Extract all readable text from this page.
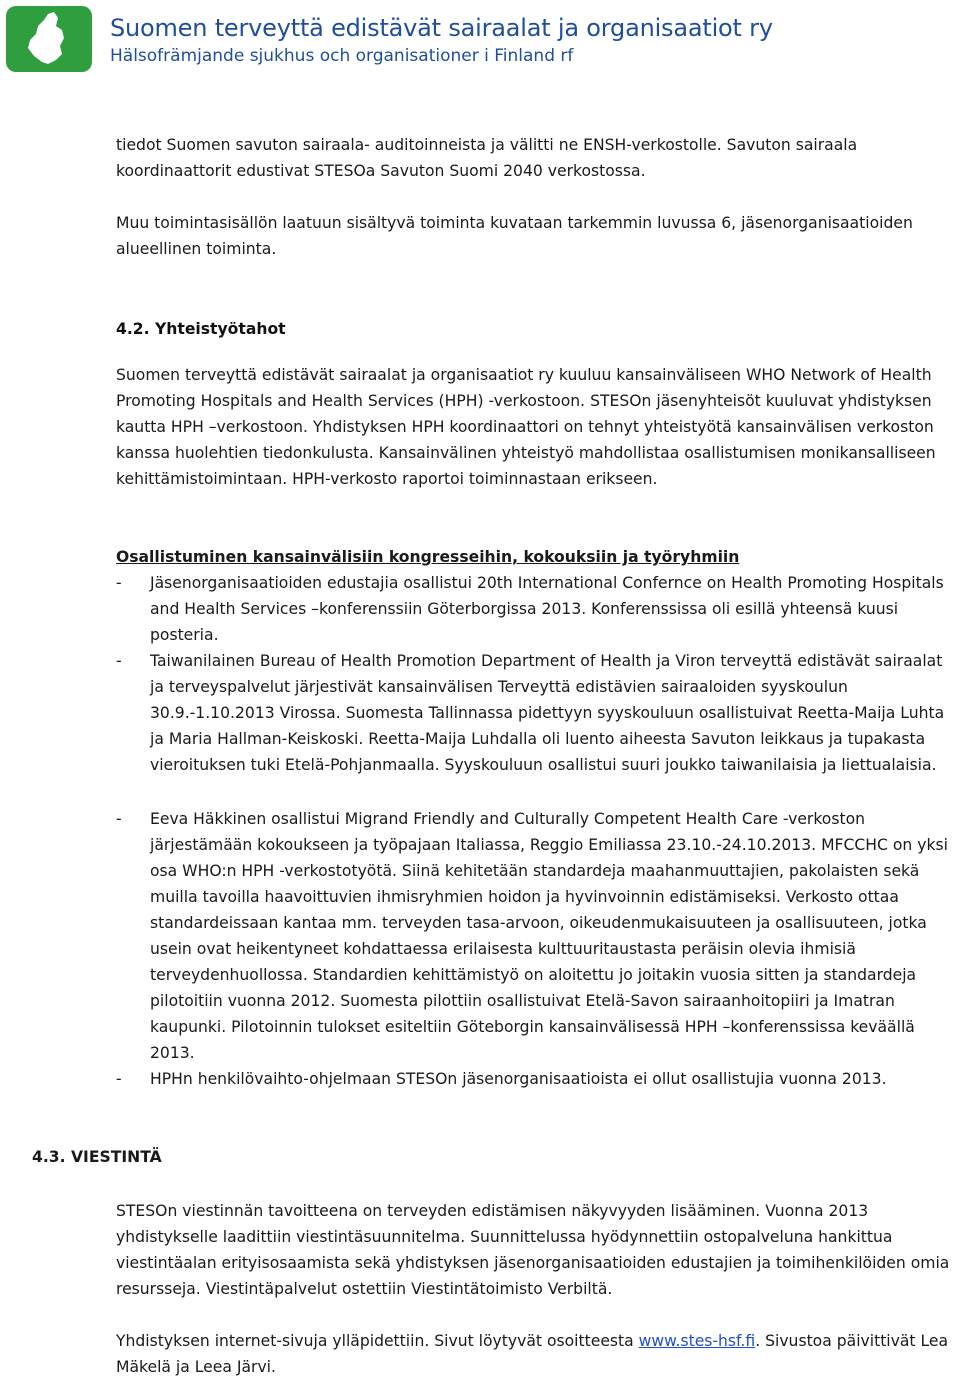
Suomen terveyttä edistävät sairaalat ja organisaatiot ry
Hälsofrämjande sjukhus och organisationer i Finland rf

tiedot Suomen savuton sairaala- auditoinneista ja välitti ne ENSH-verkostolle. Savuton sairaala koordinaattorit edustivat STESOa Savuton Suomi 2040 verkostossa.

Muu toimintasisällön laatuun sisältyvä toiminta kuvataan tarkemmin luvussa 6, jäsenorganisaatioiden alueellinen toiminta.

4.2. Yhteistyötahot

Suomen terveyttä edistävät sairaalat ja organisaatiot ry kuuluu kansainväliseen WHO Network of Health Promoting Hospitals and Health Services (HPH) -verkostoon. STESOn jäsenyhteisöt kuuluvat yhdistyksen kautta HPH –verkostoon. Yhdistyksen HPH koordinaattori on tehnyt yhteistyötä kansainvälisen verkoston kanssa huolehtien tiedonkulusta. Kansainvälinen yhteistyö mahdollistaa osallistumisen monikansalliseen kehittämistoimintaan. HPH-verkosto raportoi toiminnastaan erikseen.

Osallistuminen kansainvälisiin kongresseihin, kokouksiin ja työryhmiin
- Jäsenorganisaatioiden edustajia osallistui 20th International Confernce on Health Promoting Hospitals and Health Services –konferenssiin Göterborgissa 2013. Konferenssissa oli esillä yhteensä kuusi posteria.
- Taiwanilainen Bureau of Health Promotion Department of Health ja Viron terveyttä edistävät sairaalat ja terveyspalvelut järjestivät kansainvälisen Terveyttä edistävien sairaaloiden syyskoulun 30.9.-1.10.2013 Virossa. Suomesta Tallinnassa pidettyyn syyskouluun osallistuivat Reetta-Maija Luhta ja Maria Hallman-Keiskoski. Reetta-Maija Luhdalla oli luento aiheesta Savuton leikkaus ja tupakasta vieroituksen tuki Etelä-Pohjanmaalla. Syyskouluun osallistui suuri joukko taiwanilaisia ja liettualaisia.
- Eeva Häkkinen osallistui Migrand Friendly and Culturally Competent Health Care -verkoston järjestämään kokoukseen ja työpajaan Italiassa, Reggio Emiliassa 23.10.-24.10.2013. MFCCHC on yksi osa WHO:n HPH -verkostotyötä. Siinä kehitetään standardeja maahanmuuttajien, pakolaisten sekä muilla tavoilla haavoittuvien ihmisryhmien hoidon ja hyvinvoinnin edistämiseksi. Verkosto ottaa standardeissaan kantaa mm. terveyden tasa-arvoon, oikeudenmukaisuuteen ja osallisuuteen, jotka usein ovat heikentyneet kohdattaessa erilaisesta kulttuuritaustasta peräisin olevia ihmisiä terveydenhuollossa. Standardien kehittämistyö on aloitettu jo joitakin vuosia sitten ja standardeja pilotoitiin vuonna 2012. Suomesta pilottiin osallistuivat Etelä-Savon sairaanhoitopiiri ja Imatran kaupunki. Pilotoinnin tulokset esiteltiin Göteborgin kansainvälisessä HPH –konferenssissa keväällä 2013.
- HPHn henkilövaihto-ohjelmaan STESOn jäsenorganisaatioista ei ollut osallistujia vuonna 2013.
4.3. VIESTINTÄ

STESOn viestinnän tavoitteena on terveyden edistämisen näkyvyyden lisääminen. Vuonna 2013 yhdistykselle laadittiin viestintäsuunnitelma. Suunnittelussa hyödynnettiin ostopalveluna hankittua viestintäalan erityisosaamista sekä yhdistyksen jäsenorganisaatioiden edustajien ja toimihenkilöiden omia resursseja. Viestintäpalvelut ostettiin Viestintätoimisto Verbiltä.

Yhdistyksen internet-sivuja ylläpidettiin. Sivut löytyvät osoitteesta www.stes-hsf.fi. Sivustoa päivittivät Lea Mäkelä ja Leea Järvi.
